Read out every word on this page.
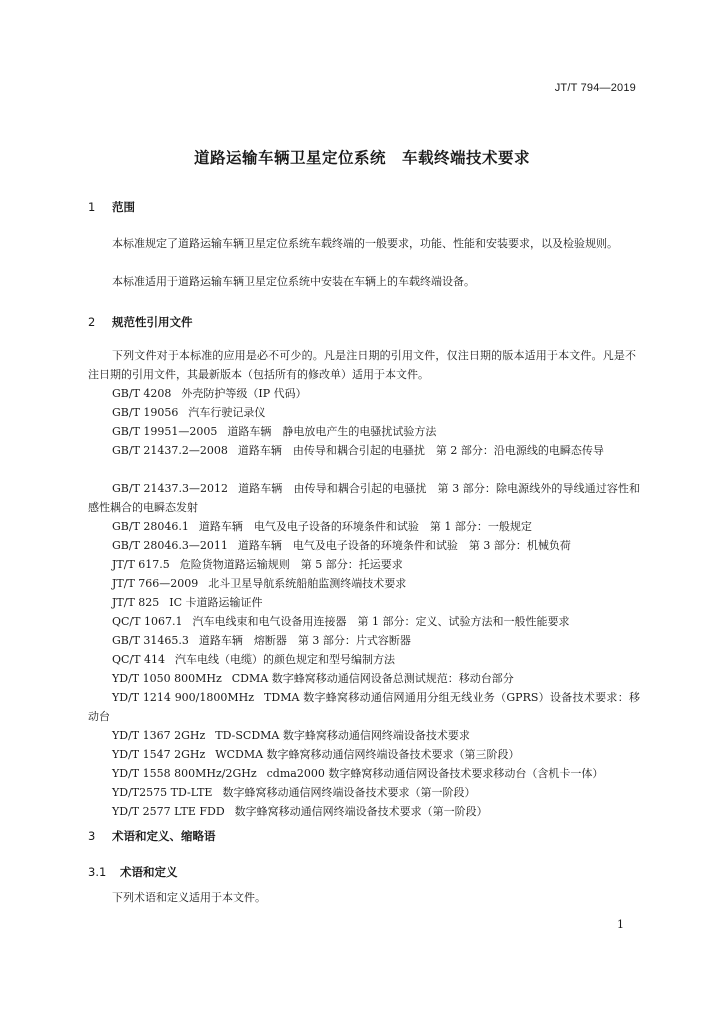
JT/T 794—2019
道路运输车辆卫星定位系统　车载终端技术要求
1 范围
本标准规定了道路运输车辆卫星定位系统车载终端的一般要求，功能、性能和安装要求，以及检验规则。
本标准适用于道路运输车辆卫星定位系统中安装在车辆上的车载终端设备。
2 规范性引用文件
下列文件对于本标准的应用是必不可少的。凡是注日期的引用文件，仅注日期的版本适用于本文件。凡是不注日期的引用文件，其最新版本（包括所有的修改单）适用于本文件。
GB/T 4208 外壳防护等级（IP 代码）
GB/T 19056 汽车行驶记录仪
GB/T 19951—2005 道路车辆　静电放电产生的电骚扰试验方法
GB/T 21437.2—2008 道路车辆　由传导和耦合引起的电骚扰　第 2 部分：沿电源线的电瞬态传导
GB/T 21437.3—2012 道路车辆　由传导和耦合引起的电骚扰　第 3 部分：除电源线外的导线通过容性和感性耦合的电瞬态发射
GB/T 28046.1 道路车辆　电气及电子设备的环境条件和试验　第 1 部分：一般规定
GB/T 28046.3—2011 道路车辆　电气及电子设备的环境条件和试验　第 3 部分：机械负荷
JT/T 617.5 危险货物道路运输规则　第 5 部分：托运要求
JT/T 766—2009 北斗卫星导航系统船舶监测终端技术要求
JT/T 825 IC 卡道路运输证件
QC/T 1067.1 汽车电线束和电气设备用连接器　第 1 部分：定义、试验方法和一般性能要求
GB/T 31465.3 道路车辆　熔断器　第 3 部分：片式容断器
QC/T 414 汽车电线（电缆）的颜色规定和型号编制方法
YD/T 1050 800MHz CDMA 数字蜂窝移动通信网设备总测试规范：移动台部分
YD/T 1214 900/1800MHz TDMA 数字蜂窝移动通信网通用分组无线业务（GPRS）设备技术要求：移动台
YD/T 1367 2GHz TD-SCDMA 数字蜂窝移动通信网终端设备技术要求
YD/T 1547 2GHz WCDMA 数字蜂窝移动通信网终端设备技术要求（第三阶段）
YD/T 1558 800MHz/2GHz cdma2000 数字蜂窝移动通信网设备技术要求移动台（含机卡一体）
YD/T2575 TD-LTE 数字蜂窝移动通信网终端设备技术要求（第一阶段）
YD/T 2577 LTE FDD 数字蜂窝移动通信网终端设备技术要求（第一阶段）
3 术语和定义、缩略语
3.1 术语和定义
下列术语和定义适用于本文件。
1
